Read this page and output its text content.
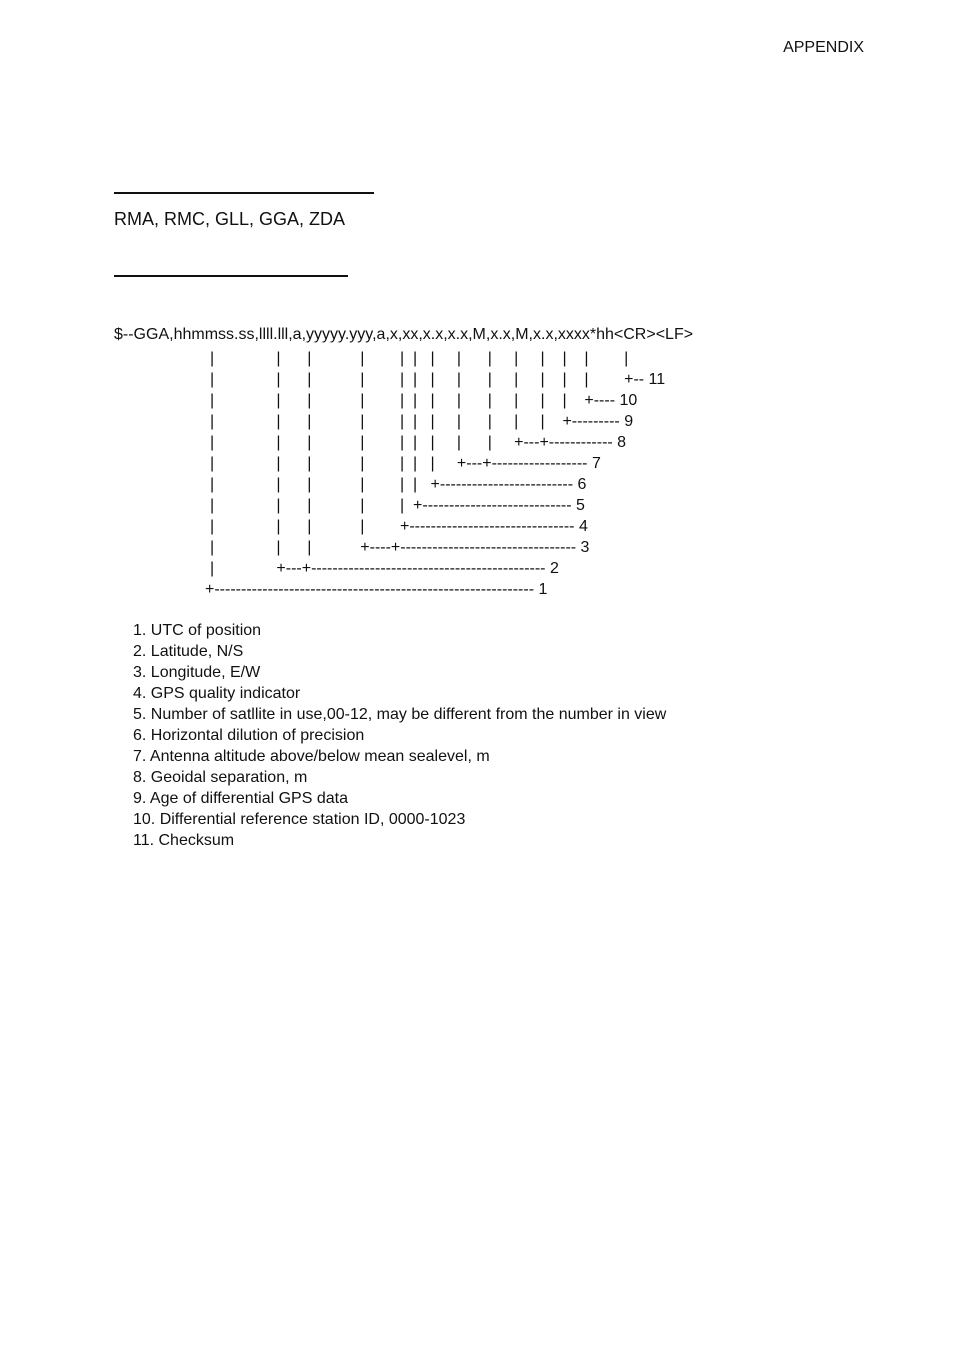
APPENDIX
RMA, RMC, GLL, GGA, ZDA
$--GGA,hhmmss.ss,llll.lll,a,yyyyy.yyy,a,x,xx,x.x,x.x,M,x.x,M,x.x,xxxx*hh<CR><LF>
|              |      |           |        |  |   |     |      |     |     |    |    |        |
|              |      |           |        |  |   |     |      |     |     |    |    |        +-- 11
|              |      |           |        |  |   |     |      |     |     |    |    +---- 10
|              |      |           |        |  |   |     |      |     |     |    +--------- 9
|              |      |           |        |  |   |     |      |     +---+------------ 8
|              |      |           |        |  |   |     +---+------------------ 7
|              |      |           |        |  |   +------------------------- 6
|              |      |           |        |  +---------------------------- 5
|              |      |           |        +------------------------------- 4
|              |      |           +----+--------------------------------- 3
|              +---+-------------------------------------------- 2
+------------------------------------------------------------ 1
1. UTC of position
2. Latitude, N/S
3. Longitude, E/W
4. GPS quality indicator
5. Number of satllite in use,00-12, may be different from the number in view
6. Horizontal dilution of precision
7. Antenna altitude above/below mean sealevel, m
8. Geoidal separation, m
9. Age of differential GPS data
10. Differential reference station ID, 0000-1023
11. Checksum
